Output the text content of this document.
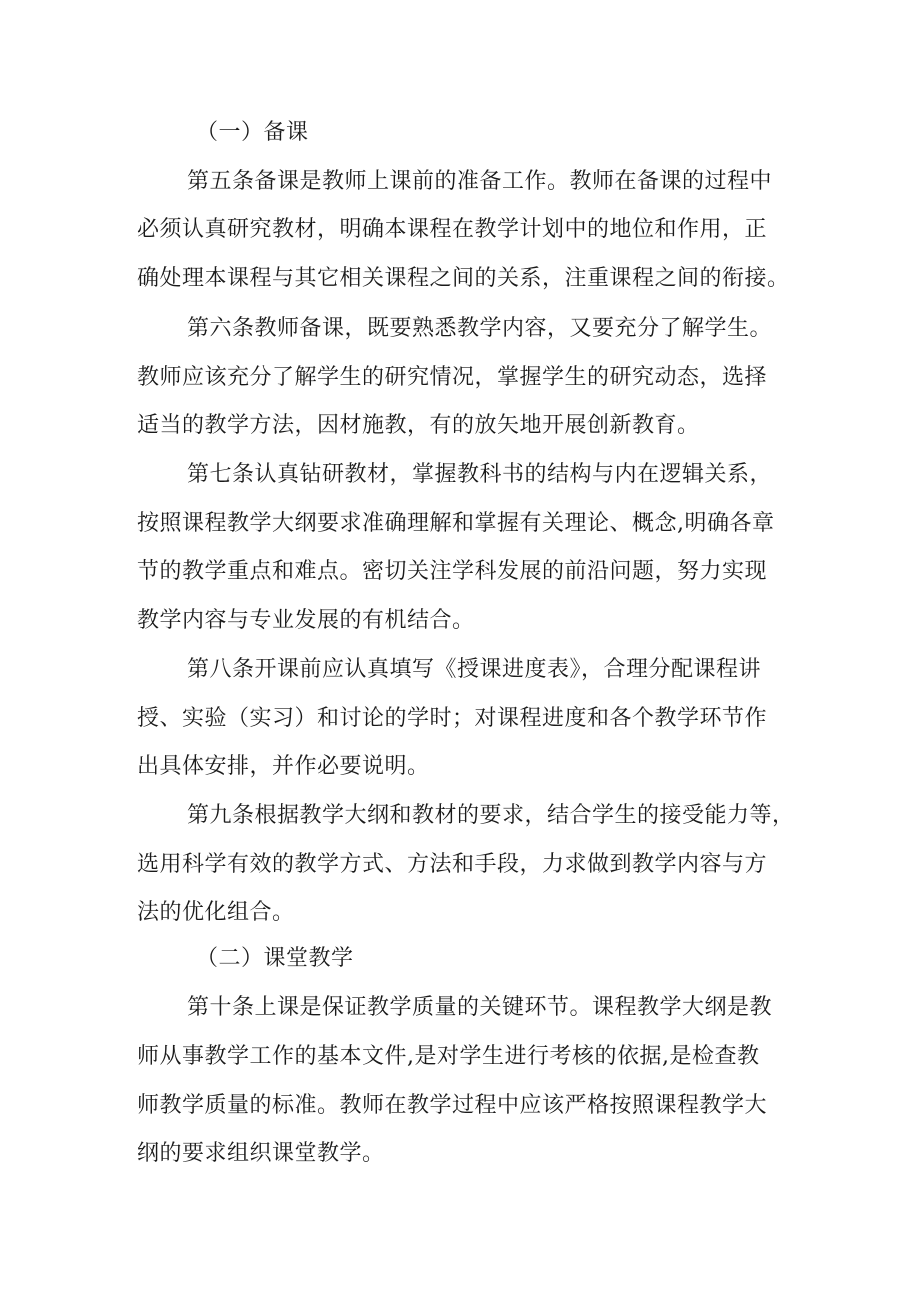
（一）备课
第五条备课是教师上课前的准备工作。教师在备课的过程中
必须认真研究教材，明确本课程在教学计划中的地位和作用，正
确处理本课程与其它相关课程之间的关系，注重课程之间的衔接。
第六条教师备课，既要熟悉教学内容，又要充分了解学生。
教师应该充分了解学生的研究情况，掌握学生的研究动态，选择
适当的教学方法，因材施教，有的放矢地开展创新教育。
第七条认真钻研教材，掌握教科书的结构与内在逻辑关系，
按照课程教学大纲要求准确理解和掌握有关理论、概念,明确各章
节的教学重点和难点。密切关注学科发展的前沿问题，努力实现
教学内容与专业发展的有机结合。
第八条开课前应认真填写《授课进度表》，合理分配课程讲
授、实验（实习）和讨论的学时；对课程进度和各个教学环节作
出具体安排，并作必要说明。
第九条根据教学大纲和教材的要求，结合学生的接受能力等，
选用科学有效的教学方式、方法和手段，力求做到教学内容与方
法的优化组合。
（二）课堂教学
第十条上课是保证教学质量的关键环节。课程教学大纲是教
师从事教学工作的基本文件,是对学生进行考核的依据,是检查教
师教学质量的标准。教师在教学过程中应该严格按照课程教学大
纲的要求组织课堂教学。
